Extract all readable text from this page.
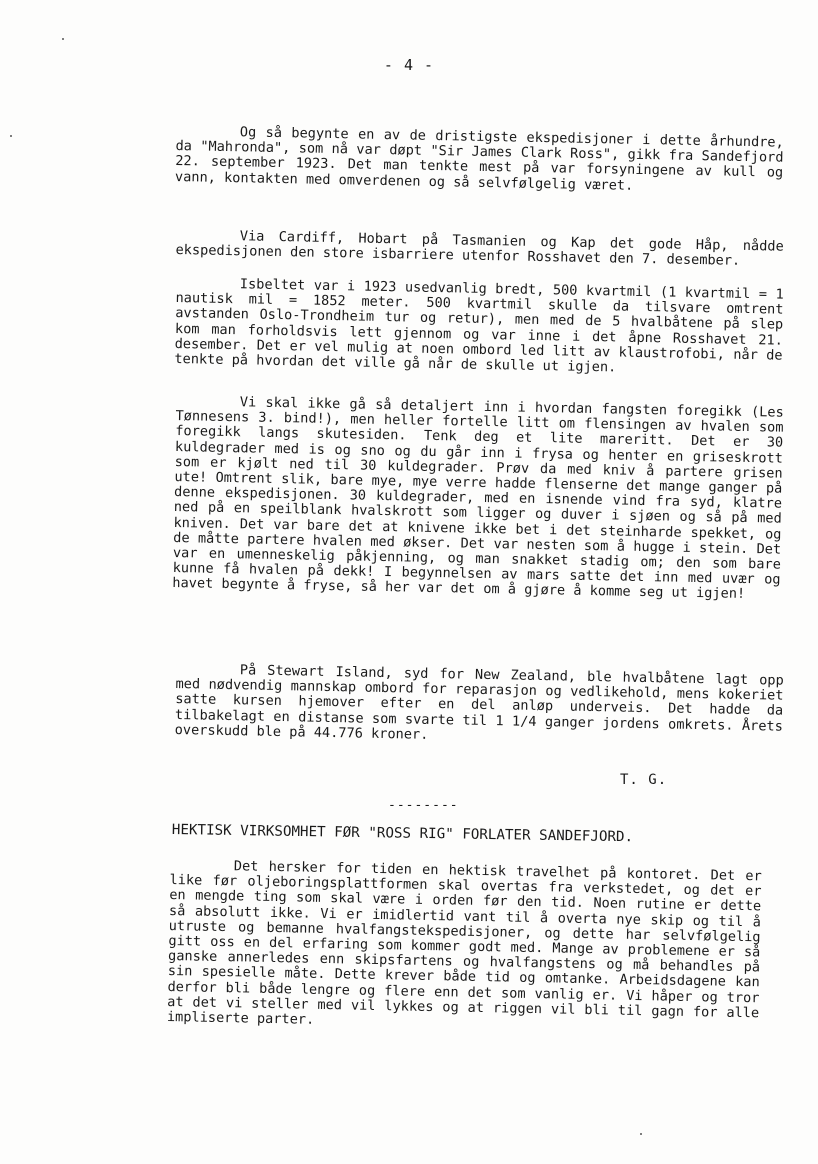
- 4 -

Og så begynte en av de dristigste ekspedisjoner i dette århundre, da "Mahronda", som nå var døpt "Sir James Clark Ross", gikk fra Sandefjord 22. september 1923. Det man tenkte mest på var forsyningene av kull og vann, kontakten med omverdenen og så selvfølgelig været.

Via Cardiff, Hobart på Tasmanien og Kap det gode Håp, nådde ekspedisjonen den store isbarriere utenfor Rosshavet den 7. desember.

Isbeltet var i 1923 usedvanlig bredt, 500 kvartmil (1 kvartmil = 1 nautisk mil = 1852 meter. 500 kvartmil skulle da tilsvare omtrent avstanden Oslo-Trondheim tur og retur), men med de 5 hvalbåtene på slep kom man forholdsvis lett gjennom og var inne i det åpne Rosshavet 21. desember. Det er vel mulig at noen ombord led litt av klaustrofobi, når de tenkte på hvordan det ville gå når de skulle ut igjen.

Vi skal ikke gå så detaljert inn i hvordan fangsten foregikk (Les Tønnesens 3. bind!), men heller fortelle litt om flensingen av hvalen som foregikk langs skutesiden. Tenk deg et lite mareritt. Det er 30 kuldegrader med is og sno og du går inn i frysa og henter en griseskrott som er kjølt ned til 30 kuldegrader. Prøv da med kniv å partere grisen ute! Omtrent slik, bare mye, mye verre hadde flenserne det mange ganger på denne ekspedisjonen. 30 kuldegrader, med en isnende vind fra syd, klatre ned på en speilblank hvalskrott som ligger og duver i sjøen og så på med kniven. Det var bare det at knivene ikke bet i det steinharde spekket, og de måtte partere hvalen med økser. Det var nesten som å hugge i stein. Det var en umenneskelig påkjenning, og man snakket stadig om; den som bare kunne få hvalen på dekk! I begynnelsen av mars satte det inn med uvær og havet begynte å fryse, så her var det om å gjøre å komme seg ut igjen!

På Stewart Island, syd for New Zealand, ble hvalbåtene lagt opp med nødvendig mannskap ombord for reparasjon og vedlikehold, mens kokeriet satte kursen hjemover efter en del anløp underveis. Det hadde da tilbakelagt en distanse som svarte til 1 1/4 ganger jordens omkrets. Årets overskudd ble på 44.776 kroner.

T. G.
--------
HEKTISK VIRKSOMHET FØR "ROSS RIG" FORLATER SANDEFJORD.

Det hersker for tiden en hektisk travelhet på kontoret. Det er like før oljeboringsplattformen skal overtas fra verkstedet, og det er en mengde ting som skal være i orden før den tid. Noen rutine er dette så absolutt ikke. Vi er imidlertid vant til å overta nye skip og til å utruste og bemanne hvalfangstekspedisjoner, og dette har selvfølgelig gitt oss en del erfaring som kommer godt med. Mange av problemene er så ganske annerledes enn skipsfartens og hvalfangstens og må behandles på sin spesielle måte. Dette krever både tid og omtanke. Arbeidsdagene kan derfor bli både lengre og flere enn det som vanlig er. Vi håper og tror at det vi steller med vil lykkes og at riggen vil bli til gagn for alle impliserte parter.
